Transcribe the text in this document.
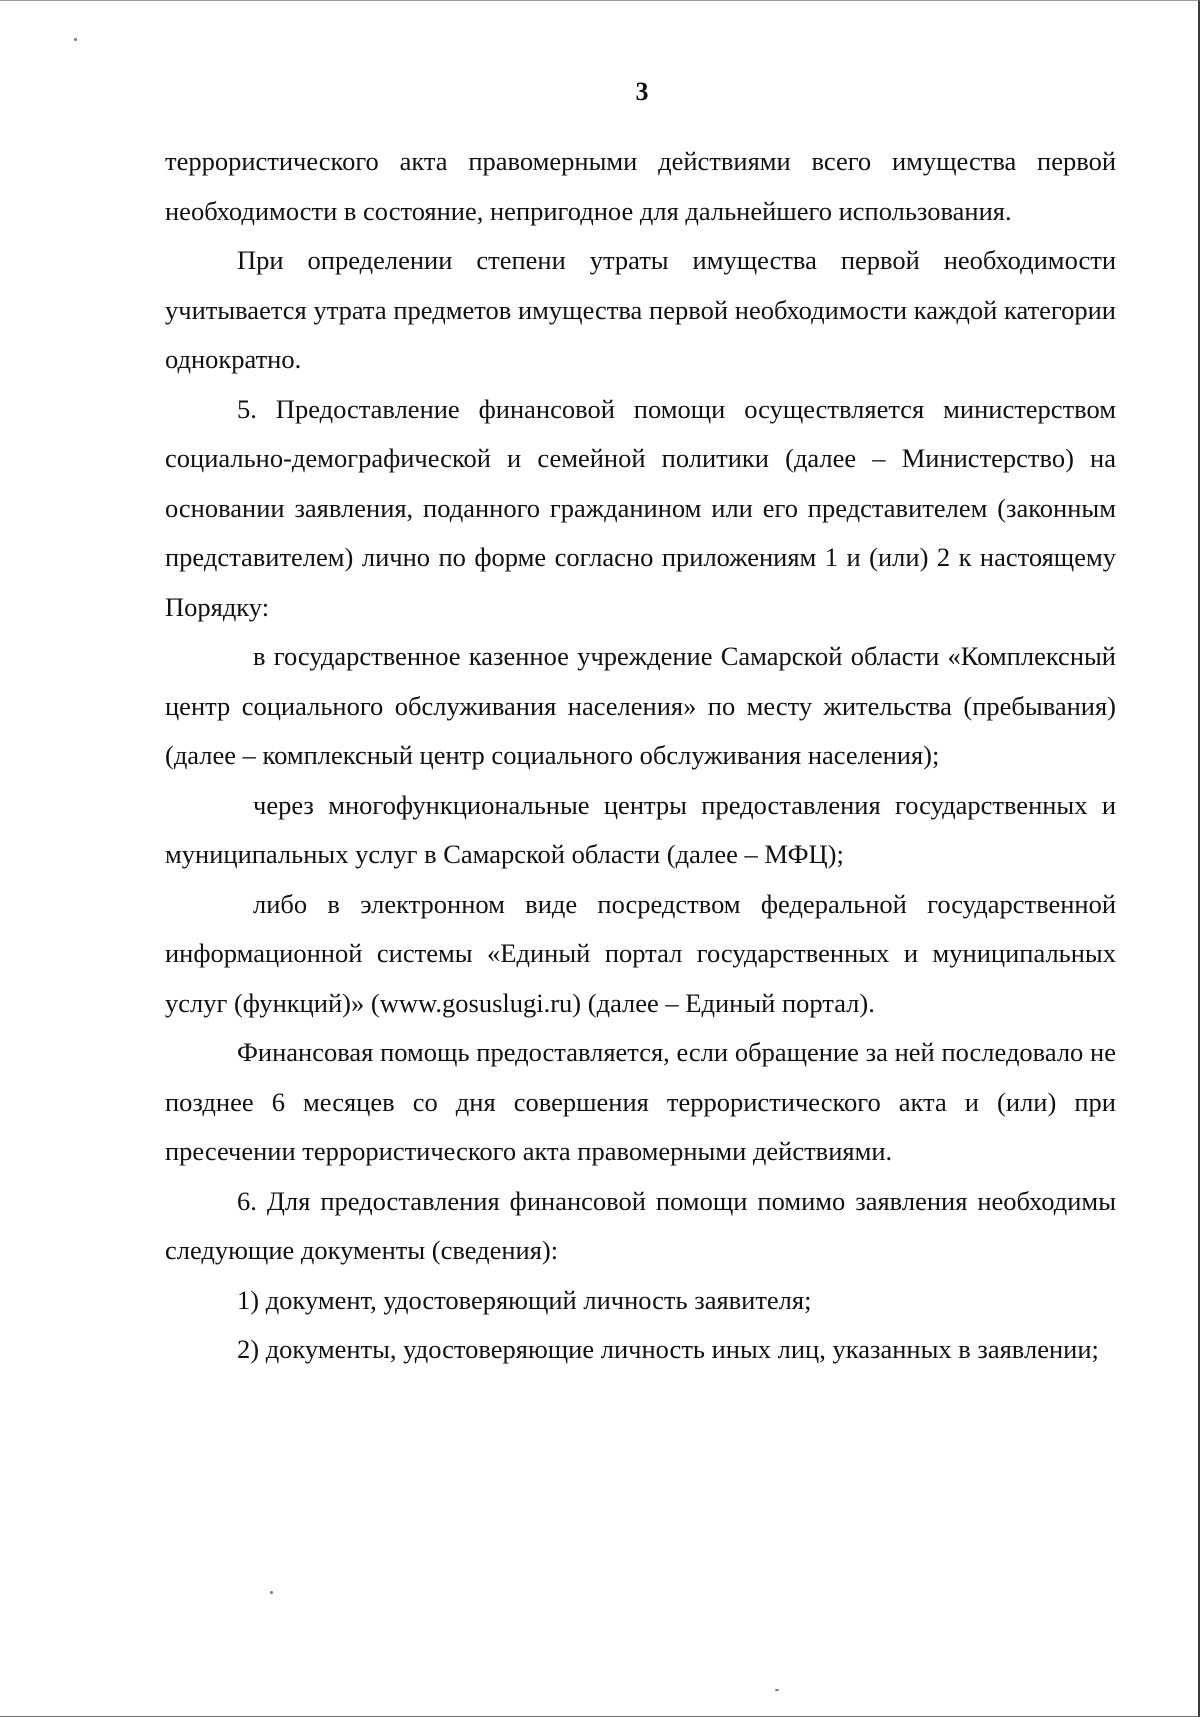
3

террористического акта правомерными действиями всего имущества первой необходимости в состояние, непригодное для дальнейшего использования.

При определении степени утраты имущества первой необходимости учитывается утрата предметов имущества первой необходимости каждой категории однократно.

5. Предоставление финансовой помощи осуществляется министерством социально-демографической и семейной политики (далее – Министерство) на основании заявления, поданного гражданином или его представителем (законным представителем) лично по форме согласно приложениям 1 и (или) 2 к настоящему Порядку:

в государственное казенное учреждение Самарской области «Комплексный центр социального обслуживания населения» по месту жительства (пребывания) (далее – комплексный центр социального обслуживания населения);

через многофункциональные центры предоставления государственных и муниципальных услуг в Самарской области (далее – МФЦ);

либо в электронном виде посредством федеральной государственной информационной системы «Единый портал государственных и муниципальных услуг (функций)» (www.gosuslugi.ru) (далее – Единый портал).

Финансовая помощь предоставляется, если обращение за ней последовало не позднее 6 месяцев со дня совершения террористического акта и (или) при пресечении террористического акта правомерными действиями.

6. Для предоставления финансовой помощи помимо заявления необходимы следующие документы (сведения):

1) документ, удостоверяющий личность заявителя;

2) документы, удостоверяющие личность иных лиц, указанных в заявлении;
